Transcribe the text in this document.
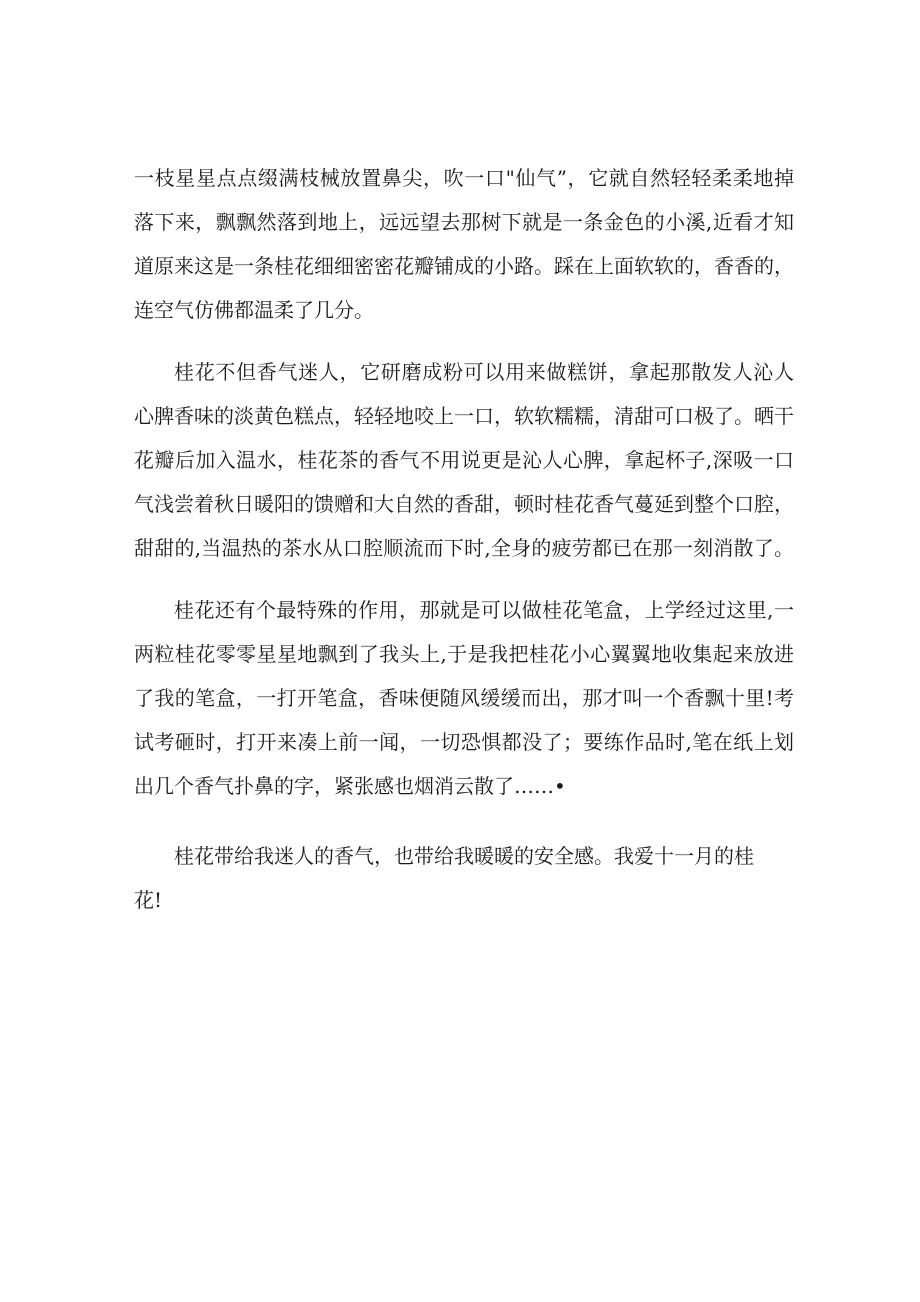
一枝星星点点缀满枝械放置鼻尖，吹一口"仙气”，它就自然轻轻柔柔地掉
落下来，飘飘然落到地上，远远望去那树下就是一条金色的小溪,近看才知
道原来这是一条桂花细细密密花瓣铺成的小路。踩在上面软软的，香香的，
连空气仿佛都温柔了几分。
桂花不但香气迷人，它研磨成粉可以用来做糕饼，拿起那散发人沁人
心脾香味的淡黄色糕点，轻轻地咬上一口，软软糯糯，清甜可口极了。晒干
花瓣后加入温水，桂花茶的香气不用说更是沁人心脾，拿起杯子,深吸一口
气浅尝着秋日暖阳的馈赠和大自然的香甜，顿时桂花香气蔓延到整个口腔，
甜甜的,当温热的茶水从口腔顺流而下时,全身的疲劳都已在那一刻消散了。
桂花还有个最特殊的作用，那就是可以做桂花笔盒，上学经过这里,一
两粒桂花零零星星地飘到了我头上,于是我把桂花小心翼翼地收集起来放进
了我的笔盒，一打开笔盒，香味便随风缓缓而出，那才叫一个香飘十里!考
试考砸时，打开来凑上前一闻，一切恐惧都没了；要练作品时,笔在纸上划
出几个香气扑鼻的字，紧张感也烟消云散了……•
桂花带给我迷人的香气，也带给我暖暖的安全感。我爱十一月的桂
花!
